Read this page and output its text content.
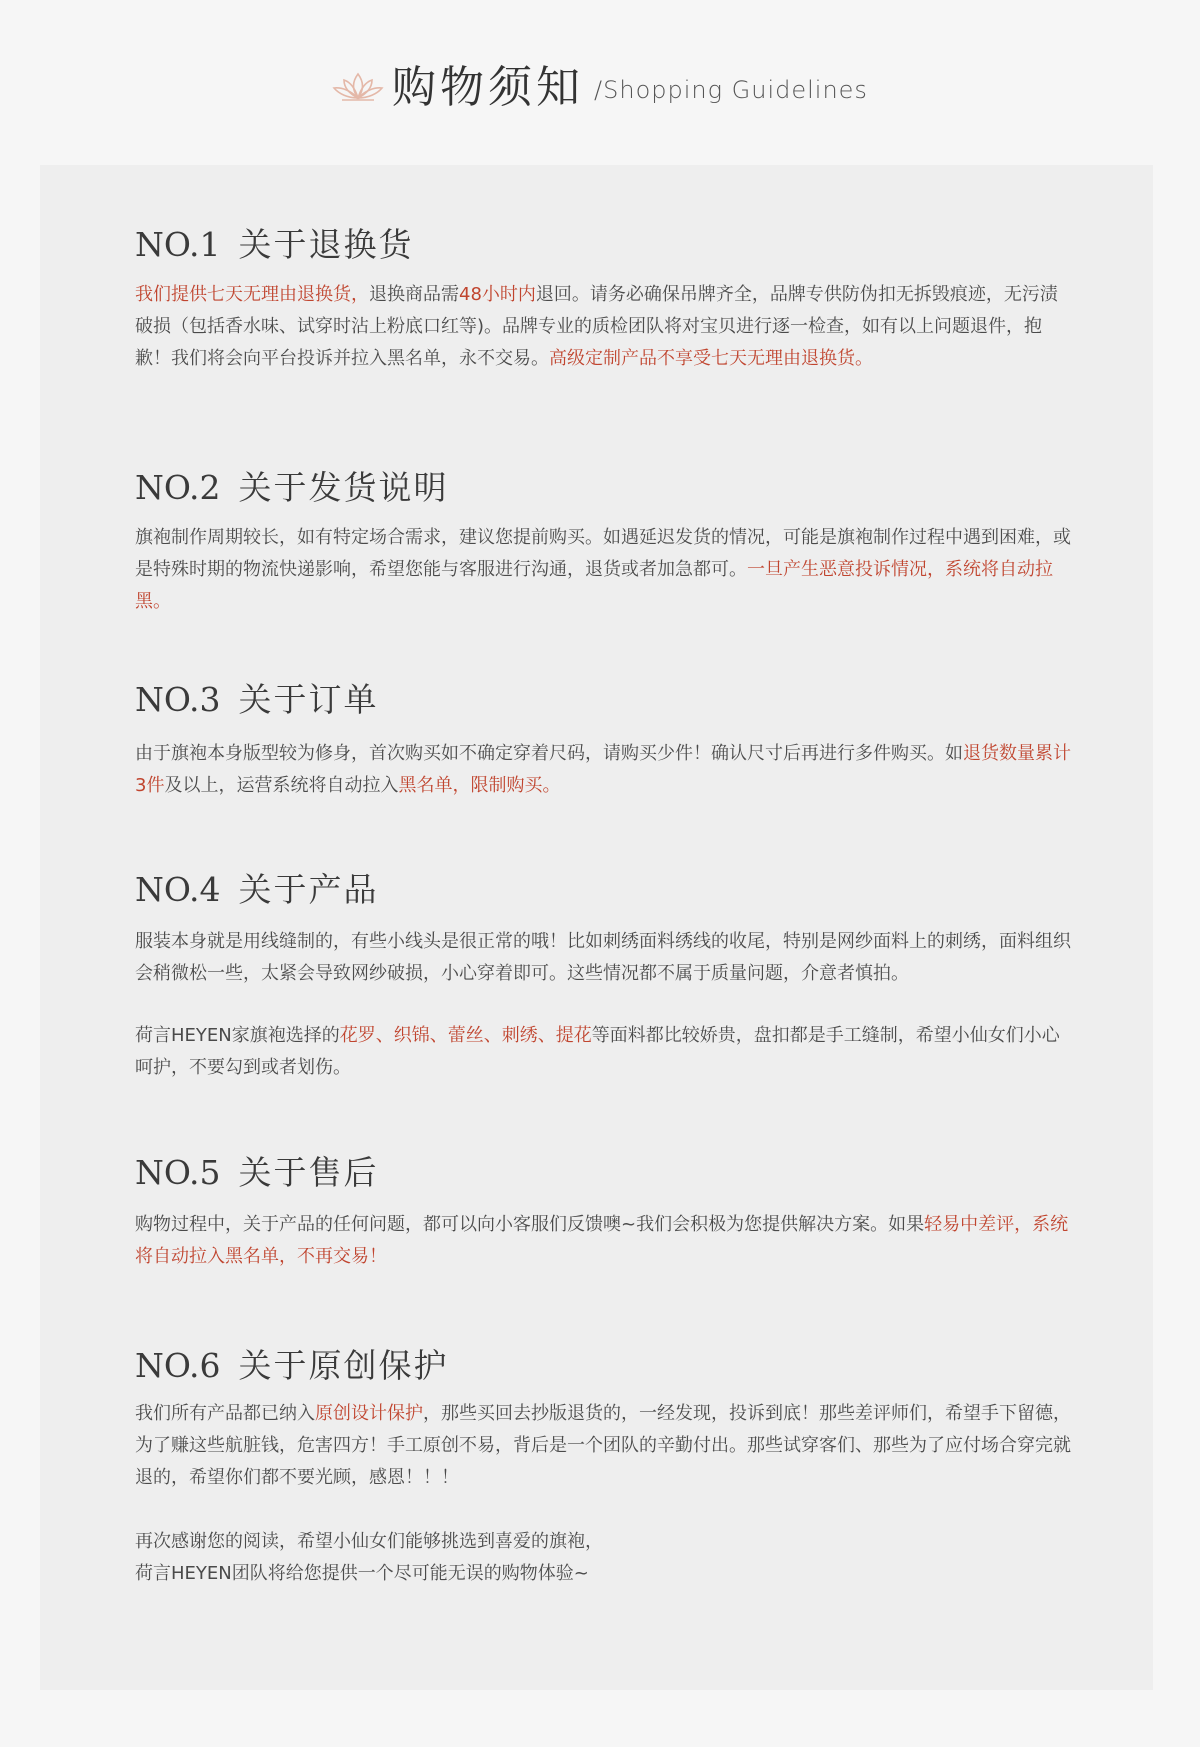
购物须知 /Shopping Guidelines
NO.1 关于退换货

我们提供七天无理由退换货，退换商品需48小时内退回。请务必确保吊牌齐全，品牌专供防伪扣无拆毁痕迹，无污渍破损（包括香水味、试穿时沾上粉底口红等)。品牌专业的质检团队将对宝贝进行逐一检查，如有以上问题退件，抱歉！我们将会向平台投诉并拉入黑名单，永不交易。高级定制产品不享受七天无理由退换货。

NO.2 关于发货说明

旗袍制作周期较长，如有特定场合需求，建议您提前购买。如遇延迟发货的情况，可能是旗袍制作过程中遇到困难，或是特殊时期的物流快递影响，希望您能与客服进行沟通，退货或者加急都可。一旦产生恶意投诉情况，系统将自动拉黑。

NO.3 关于订单

由于旗袍本身版型较为修身，首次购买如不确定穿着尺码，请购买少件！确认尺寸后再进行多件购买。如退货数量累计3件及以上，运营系统将自动拉入黑名单，限制购买。

NO.4 关于产品

服装本身就是用线缝制的，有些小线头是很正常的哦！比如刺绣面料绣线的收尾，特别是网纱面料上的刺绣，面料组织会稍微松一些，太紧会导致网纱破损，小心穿着即可。这些情况都不属于质量问题，介意者慎拍。

荷言HEYEN家旗袍选择的花罗、织锦、蕾丝、刺绣、提花等面料都比较娇贵，盘扣都是手工缝制，希望小仙女们小心呵护，不要勾到或者划伤。

NO.5 关于售后

购物过程中，关于产品的任何问题，都可以向小客服们反馈噢~我们会积极为您提供解决方案。如果轻易中差评，系统将自动拉入黑名单，不再交易！

NO.6 关于原创保护

我们所有产品都已纳入原创设计保护，那些买回去抄版退货的，一经发现，投诉到底！那些差评师们，希望手下留德，为了赚这些航脏钱，危害四方！手工原创不易，背后是一个团队的辛勤付出。那些试穿客们、那些为了应付场合穿完就退的，希望你们都不要光顾，感恩！！！

再次感谢您的阅读，希望小仙女们能够挑选到喜爱的旗袍，

荷言HEYEN团队将给您提供一个尽可能无误的购物体验~
